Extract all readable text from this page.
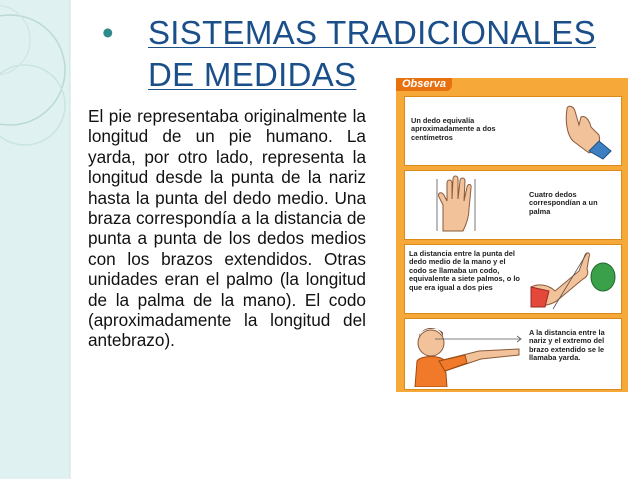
• SISTEMAS TRADICIONALES
DE MEDIDAS
El pie representaba originalmente la longitud de un pie humano. La yarda, por otro lado, representa la longitud desde la punta de la nariz hasta la punta del dedo medio. Una braza correspondía a la distancia de punta a punta de los dedos medios con los brazos extendidos. Otras unidades eran el palmo (la longitud de la palma de la mano). El codo (aproximadamente la longitud del antebrazo).
Observa
Un dedo equivalía aproximadamente a dos centímetros
Cuatro dedos correspondían a un palma
La distancia entre la punta del dedo medio de la mano y el codo se llamaba un codo, equivalente a siete palmos, o lo que era igual a dos pies
A la distancia entre la nariz y el extremo del brazo extendido se le llamaba yarda.
